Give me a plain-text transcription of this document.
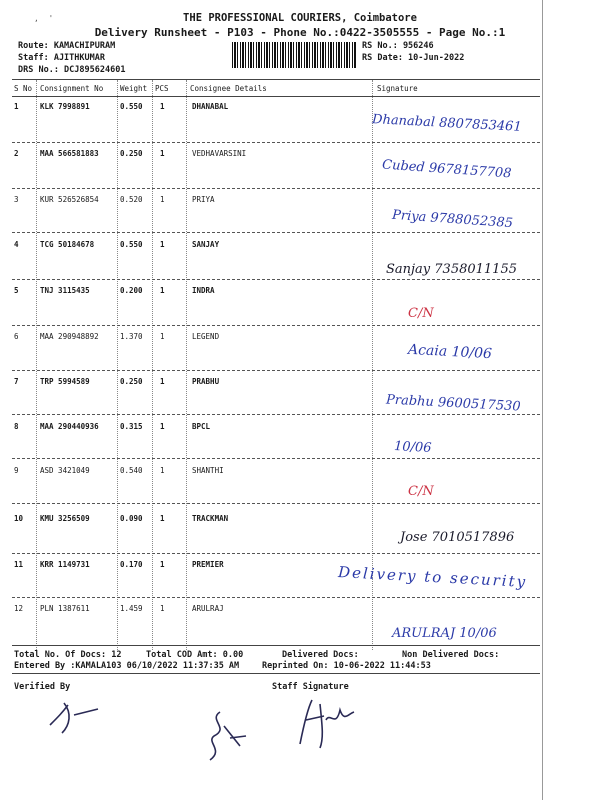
,  '	THE PROFESSIONAL COURIERS, Coimbatore
Delivery Runsheet - P103 - Phone No.:0422-3505555 - Page No.:1
Route: KAMACHIPURAM
Staff: AJITHKUMAR
DRS No.: DCJ895624601
RS No.: 956246
RS Date: 10-Jun-2022
S No Consignment No Weight PCS	Consignee Details	Signature
1	KLK 7998891	0.550 1	DHANABAL
Dhanabal 8807853461
2	MAA 566581883	0.250 1	VEDHAVARSINI
Cubed 9678157708
3	KUR 526526854	0.520 1	PRIYA
Priya 9788052385
4	TCG 50184678	0.550 1	SANJAY
Sanjay 7358011155
5	TNJ 3115435	0.200 1	INDRA
C/N
6	MAA 290948892	1.370 1	LEGEND
Acaia 10/06
7	TRP 5994589	0.250 1	PRABHU
Prabhu 9600517530
8	MAA 290440936	0.315 1	BPCL
10/06
9	ASD 3421049	0.540 1	SHANTHI
C/N
10 KMU 3256509	0.090 1	TRACKMAN
Jose 7010517896
11 KRR 1149731	0.170 1	PREMIER	Delivery to security
12 PLN 1387611	1.459 1	ARULRAJ
ARULRAJ 10/06
Total No. Of Docs: 12	Total COD Amt: 0.00	Delivered Docs:	Non Delivered Docs:
Entered By :KAMALA103 06/10/2022 11:37:35 AM	Reprinted On: 10-06-2022 11:44:53
Verified By	Staff Signature
